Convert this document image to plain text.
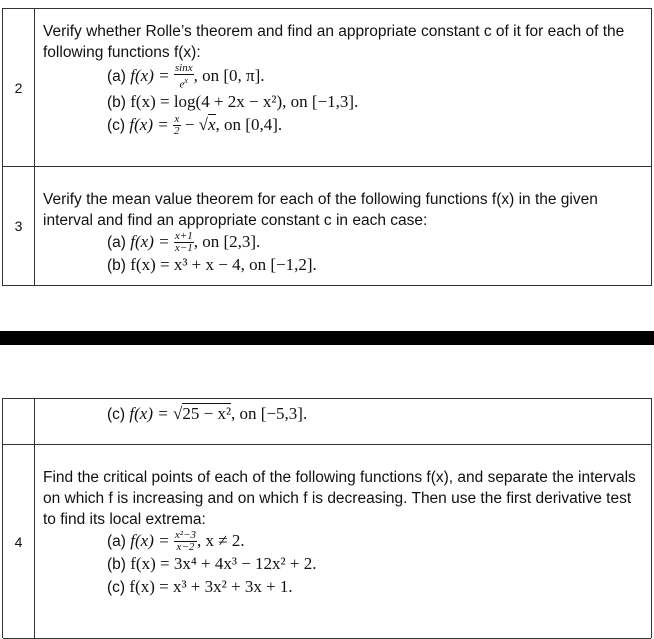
2
Verify whether Rolle’s theorem and find an appropriate constant c of it for each of the following functions f(x):
(a) $f(x) = \frac{\sin x}{e^x}$ , on [0, π].
(b) f(x) = log(4 + 2x − x²), on [−1,3].
(c) $f(x) = \frac{x}{2} - √x$, on [0,4].
3
Verify the mean value theorem for each of the following functions f(x) in the given interval and find an appropriate constant c in each case:
(a) $f(x) = \frac{x+1}{x-1}$ , on [2,3].
(b) f(x) = x³ + x − 4, on [−1,2].
(c) f(x) = √25 − x², on [−5,3].
4
Find the critical points of each of the following functions f(x), and separate the intervals on which f is increasing and on which f is decreasing. Then use the first derivative test to find its local extrema:
(a) $f(x) = \frac{\text{x²−3}}{x-2}$ , x ≠ 2.
(b) f(x) = 3x⁴ + 4x³ − 12x² + 2.
(c) f(x) = x³ + 3x² + 3x + 1.
